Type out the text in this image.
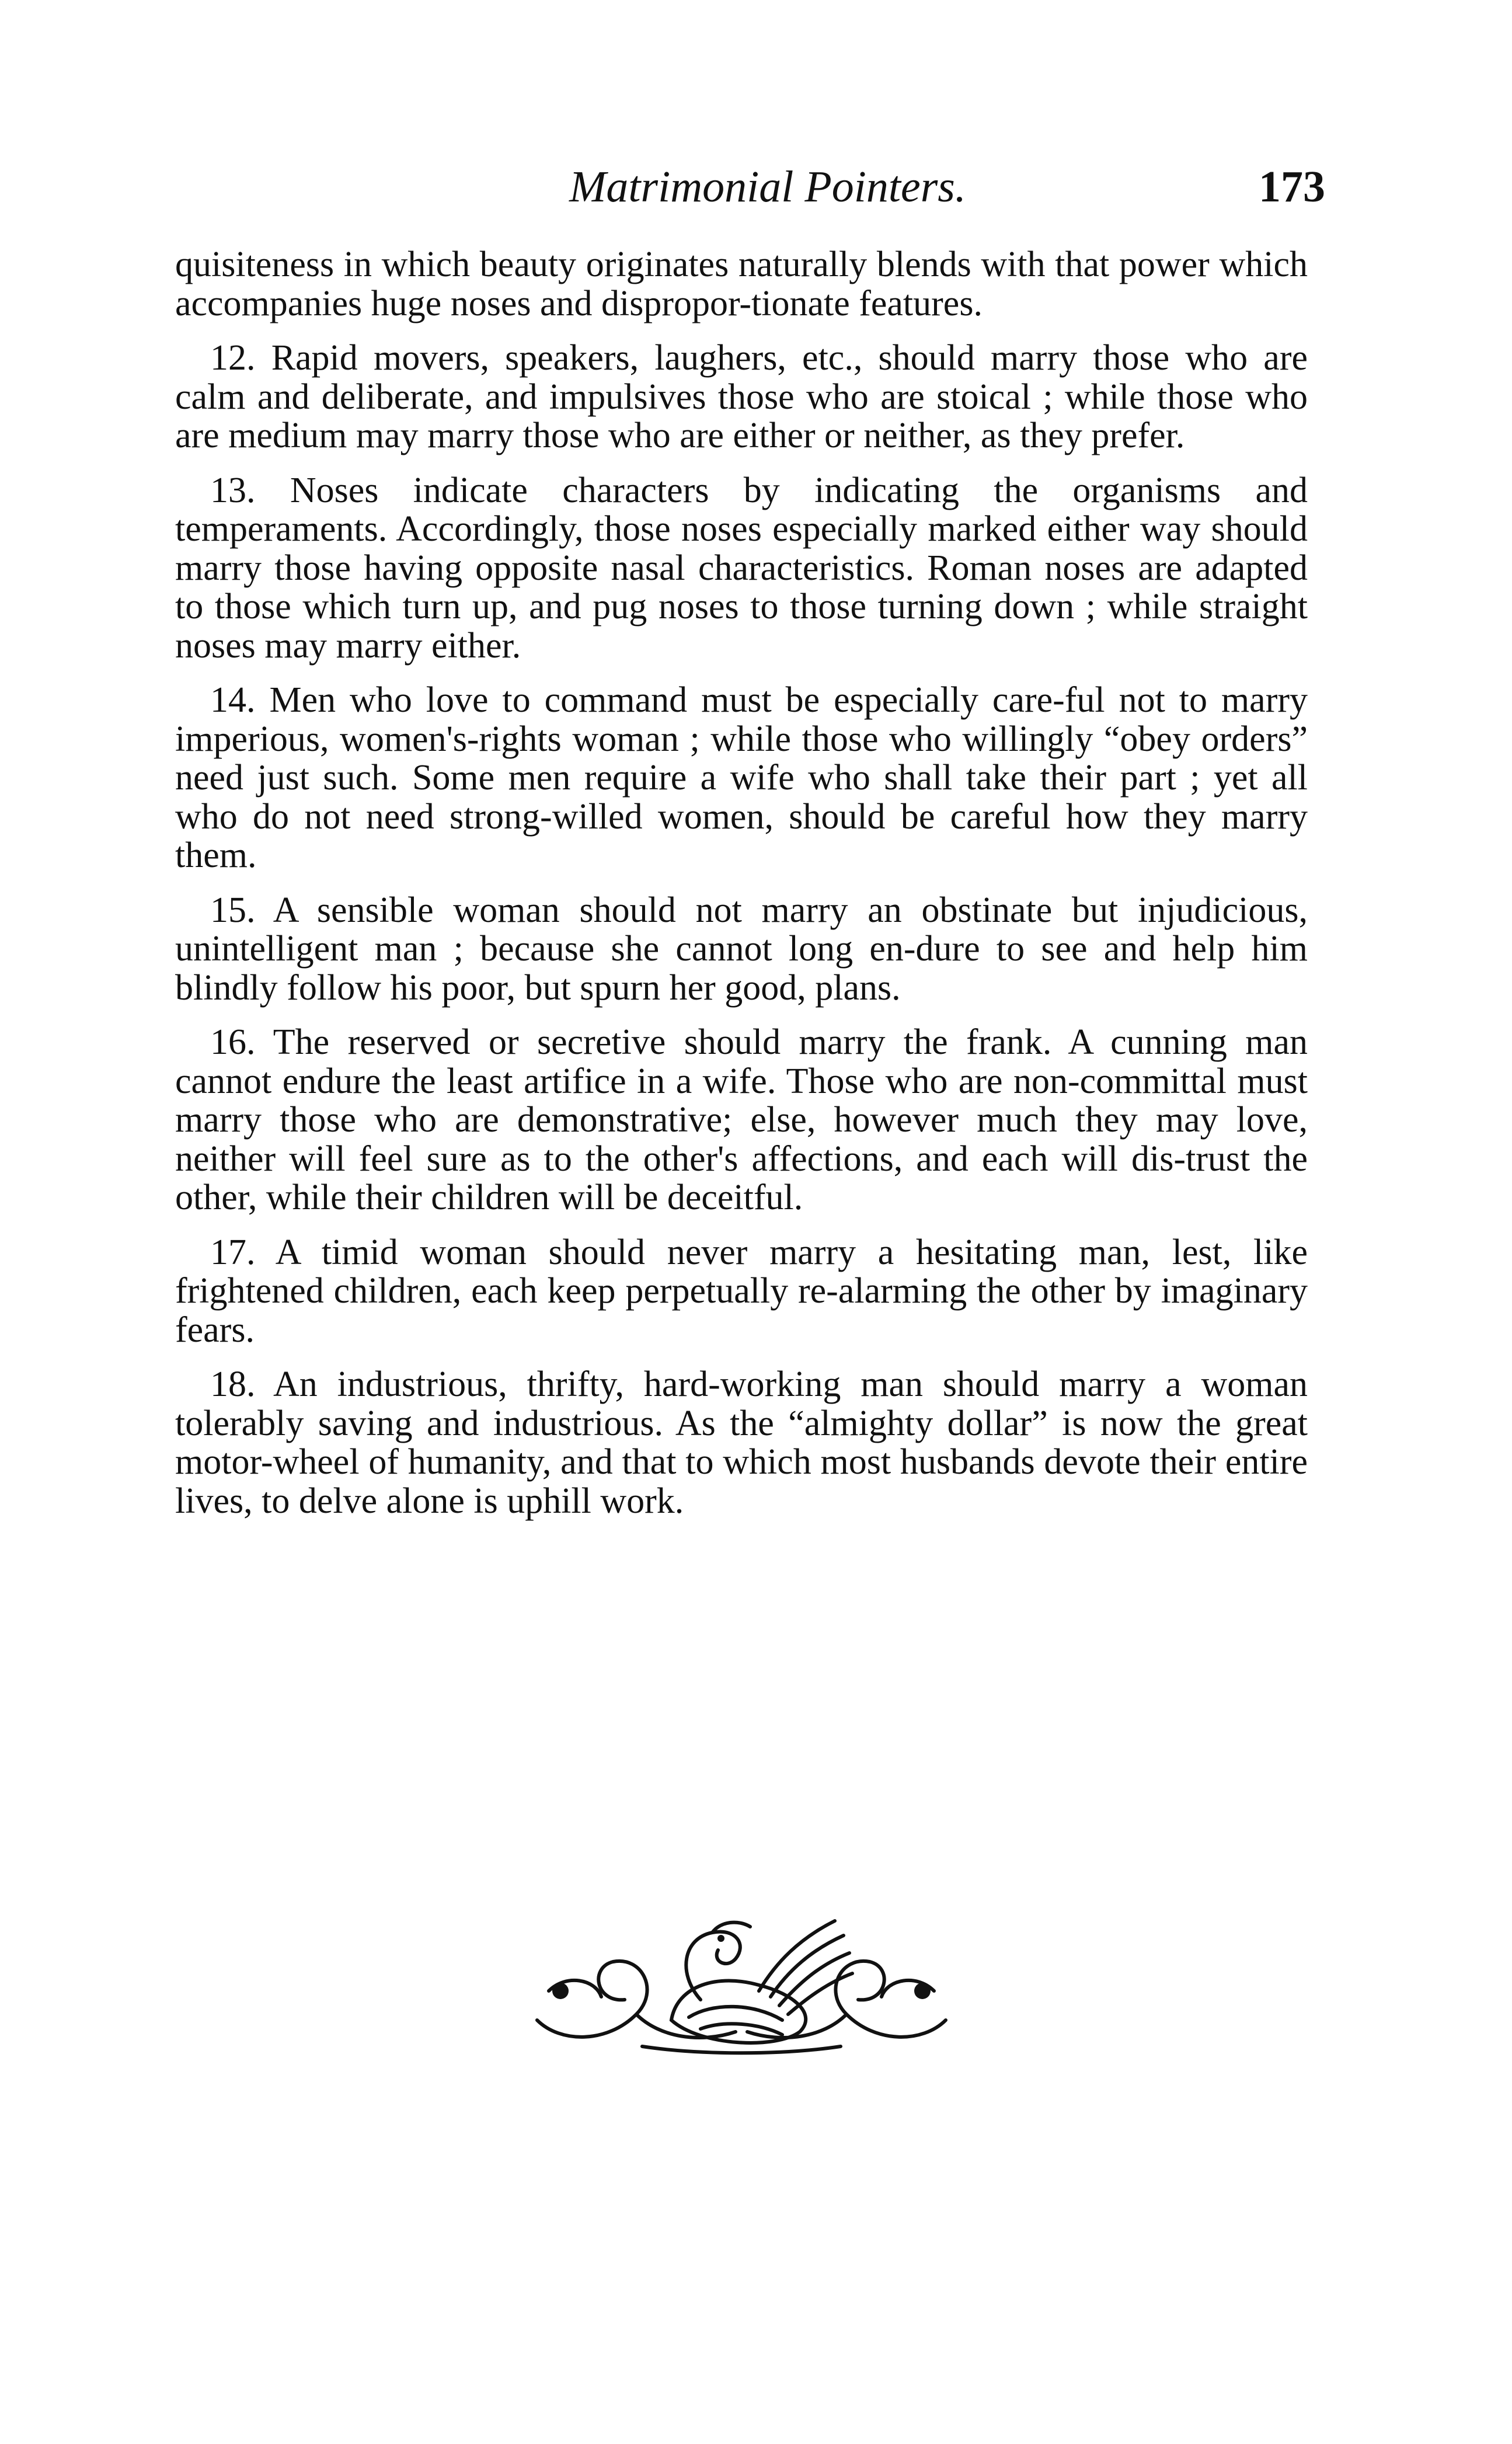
Matrimonial Pointers.	173

quisiteness in which beauty originates naturally blends with that power which accompanies huge noses and dispropor-tionate features.

12. Rapid movers, speakers, laughers, etc., should marry those who are calm and deliberate, and impulsives those who are stoical ; while those who are medium may marry those who are either or neither, as they prefer.

13. Noses indicate characters by indicating the organisms and temperaments. Accordingly, those noses especially marked either way should marry those having opposite nasal characteristics. Roman noses are adapted to those which turn up, and pug noses to those turning down ; while straight noses may marry either.

14. Men who love to command must be especially care-ful not to marry imperious, women's-rights woman ; while those who willingly “obey orders” need just such. Some men require a wife who shall take their part ; yet all who do not need strong-willed women, should be careful how they marry them.

15. A sensible woman should not marry an obstinate but injudicious, unintelligent man ; because she cannot long en-dure to see and help him blindly follow his poor, but spurn her good, plans.

16. The reserved or secretive should marry the frank. A cunning man cannot endure the least artifice in a wife. Those who are non-committal must marry those who are demonstrative; else, however much they may love, neither will feel sure as to the other's affections, and each will dis-trust the other, while their children will be deceitful.

17. A timid woman should never marry a hesitating man, lest, like frightened children, each keep perpetually re-alarming the other by imaginary fears.

18. An industrious, thrifty, hard-working man should marry a woman tolerably saving and industrious. As the “almighty dollar” is now the great motor-wheel of humanity, and that to which most husbands devote their entire lives, to delve alone is uphill work.
